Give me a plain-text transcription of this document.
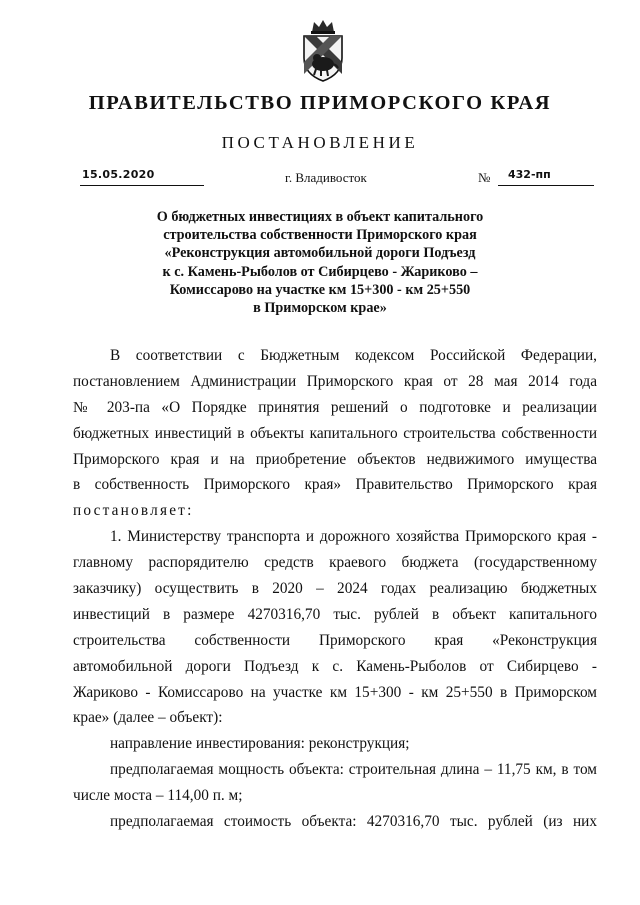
ПРАВИТЕЛЬСТВО ПРИМОРСКОГО КРАЯ
ПОСТАНОВЛЕНИЕ
15.05.2020	г. Владивосток	№ 432-пп
О бюджетных инвестициях в объект капитального
строительства собственности Приморского края
«Реконструкция автомобильной дороги Подъезд
к с. Камень-Рыболов от Сибирцево - Жариково –
Комиссарово на участке км 15+300 - км 25+550
в Приморском крае»
В соответствии с Бюджетным кодексом Российской Федерации,
постановлением Администрации Приморского края от 28 мая 2014 года
№ 203-па «О Порядке принятия решений о подготовке и реализации
бюджетных инвестиций в объекты капитального строительства собственности
Приморского края и на приобретение объектов недвижимого имущества
в собственность Приморского края» Правительство Приморского края
постановляет:
1. Министерству транспорта и дорожного хозяйства Приморского края -
главному распорядителю средств краевого бюджета (государственному
заказчику) осуществить в 2020 – 2024 годах реализацию бюджетных
инвестиций в размере 4270316,70 тыс. рублей в объект капитального
строительства собственности Приморского края «Реконструкция
автомобильной дороги Подъезд к с. Камень-Рыболов от Сибирцево -
Жариково - Комиссарово на участке км 15+300 - км 25+550 в Приморском
крае» (далее – объект):
направление инвестирования: реконструкция;
предполагаемая мощность объекта: строительная длина – 11,75 км, в том
числе моста – 114,00 п. м;
предполагаемая стоимость объекта: 4270316,70 тыс. рублей (из них
